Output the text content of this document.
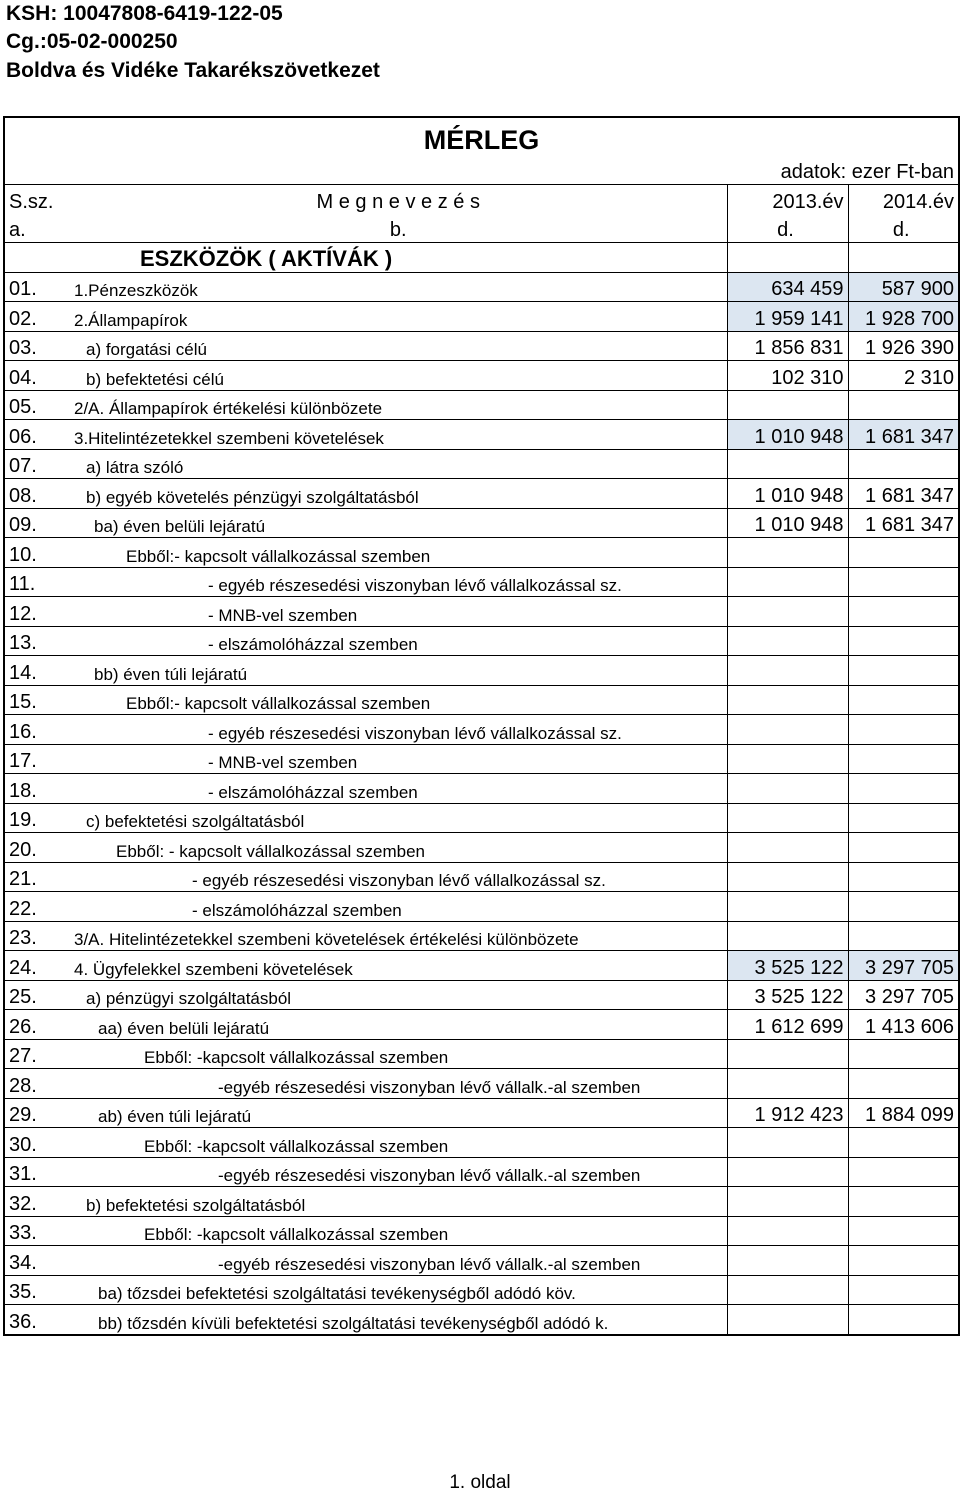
KSH: 10047808-6419-122-05
Cg.:05-02-000250
Boldva és Vidéke Takarékszövetkezet
MÉRLEG			
adatok: ezer Ft-ban			
S.sz.	M e g n e v e z é s	2013.év	2014.év
a.	b.	d.	d.
	ESZKÖZÖK ( AKTÍVÁK )		
01.	1.Pénzeszközök	634 459	587 900
02.	2.Állampapírok	1 959 141	1 928 700
03.	a) forgatási célú	1 856 831	1 926 390
04.	b) befektetési célú	102 310	2 310
05.	2/A. Állampapírok értékelési különbözete		
06.	3.Hitelintézetekkel szembeni követelések	1 010 948	1 681 347
07.	a) látra szóló		
08.	b) egyéb követelés pénzügyi szolgáltatásból	1 010 948	1 681 347
09.	ba) éven belüli lejáratú	1 010 948	1 681 347
10.	Ebből:- kapcsolt vállalkozással szemben		
11.	- egyéb részesedési viszonyban lévő vállalkozással sz.		
12.	- MNB-vel szemben		
13.	- elszámolóházzal szemben		
14.	bb) éven túli lejáratú		
15.	Ebből:- kapcsolt vállalkozással szemben		
16.	- egyéb részesedési viszonyban lévő vállalkozással sz.		
17.	- MNB-vel szemben		
18.	- elszámolóházzal szemben		
19.	c) befektetési szolgáltatásból		
20.	Ebből: - kapcsolt vállalkozással szemben		
21.	- egyéb részesedési viszonyban lévő vállalkozással sz.		
22.	- elszámolóházzal szemben		
23.	3/A. Hitelintézetekkel szembeni követelések értékelési különbözete		
24.	4. Ügyfelekkel szembeni követelések	3 525 122	3 297 705
25.	a) pénzügyi szolgáltatásból	3 525 122	3 297 705
26.	aa) éven belüli lejáratú	1 612 699	1 413 606
27.	Ebből: -kapcsolt vállalkozással szemben		
28.	-egyéb részesedési viszonyban lévő vállalk.-al szemben		
29.	ab) éven túli lejáratú	1 912 423	1 884 099
30.	Ebből: -kapcsolt vállalkozással szemben		
31.	-egyéb részesedési viszonyban lévő vállalk.-al szemben		
32.	b) befektetési szolgáltatásból		
33.	Ebből: -kapcsolt vállalkozással szemben		
34.	-egyéb részesedési viszonyban lévő vállalk.-al szemben		
35.	ba) tőzsdei befektetési szolgáltatási tevékenységből adódó köv.		
36.	bb) tőzsdén kívüli befektetési szolgáltatási tevékenységből adódó k.		
1. oldal
